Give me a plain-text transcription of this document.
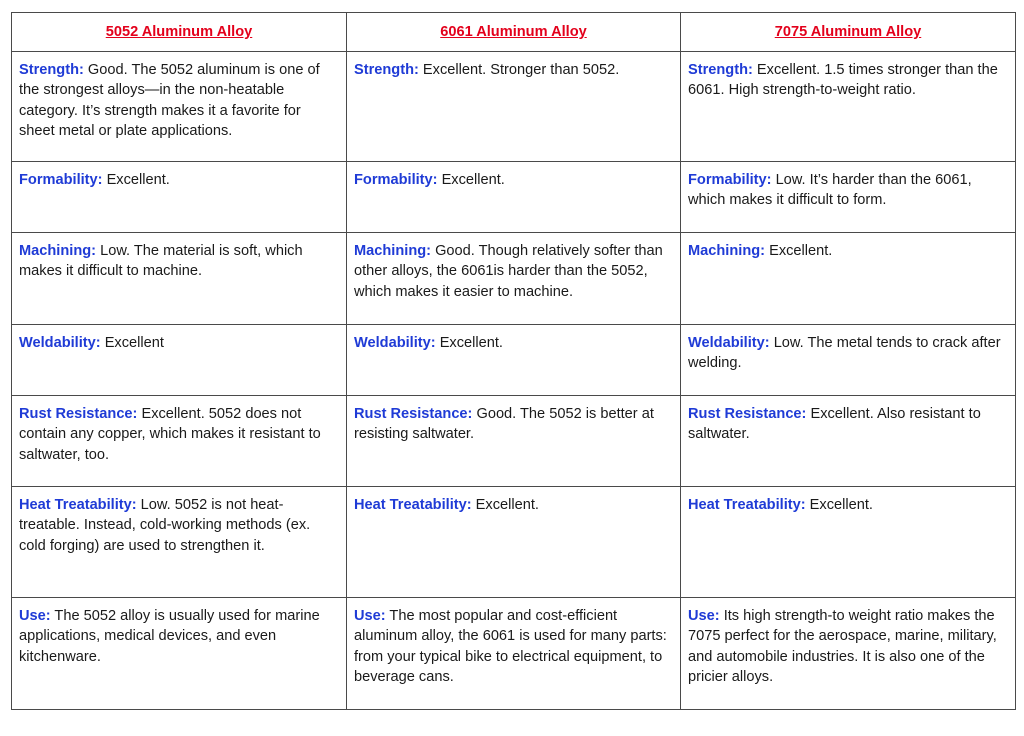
5052 Aluminum Alloy	6061 Aluminum Alloy	7075 Aluminum Alloy
Strength: Good. The 5052 aluminum is one of the strongest alloys—in the non-heatable category. It’s strength makes it a favorite for sheet metal or plate applications.	Strength: Excellent. Stronger than 5052.	Strength: Excellent. 1.5 times stronger than the 6061. High strength-to-weight ratio.
Formability: Excellent.	Formability: Excellent.	Formability: Low. It’s harder than the 6061, which makes it difficult to form.
Machining: Low. The material is soft, which makes it difficult to machine.	Machining: Good. Though relatively softer than other alloys, the 6061is harder than the 5052, which makes it easier to machine.	Machining: Excellent.
Weldability: Excellent	Weldability: Excellent.	Weldability: Low. The metal tends to crack after welding.
Rust Resistance: Excellent. 5052 does not contain any copper, which makes it resistant to saltwater, too.	Rust Resistance: Good. The 5052 is better at resisting saltwater.	Rust Resistance: Excellent. Also resistant to saltwater.
Heat Treatability: Low. 5052 is not heat-treatable. Instead, cold-working methods (ex. cold forging) are used to strengthen it.	Heat Treatability: Excellent.	Heat Treatability: Excellent.
Use: The 5052 alloy is usually used for marine applications, medical devices, and even kitchenware.	Use: The most popular and cost-efficient aluminum alloy, the 6061 is used for many parts: from your typical bike to electrical equipment, to beverage cans.	Use: Its high strength-to weight ratio makes the 7075 perfect for the aerospace, marine, military, and automobile industries. It is also one of the pricier alloys.
